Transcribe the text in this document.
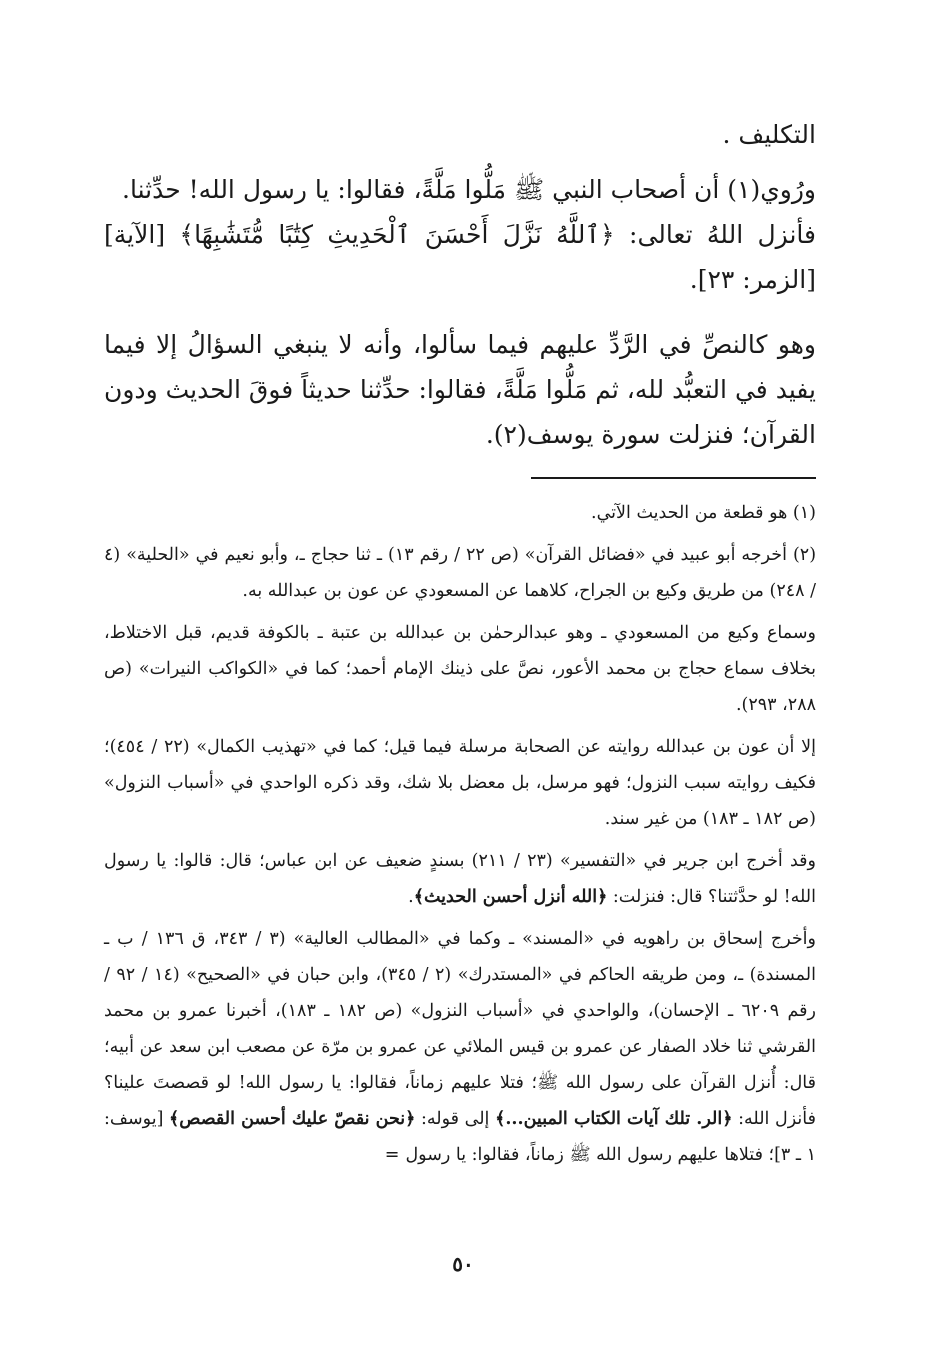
التكليف .

ورُوي(١) أن أصحاب النبي ﷺ مَلُّوا مَلَّةً، فقالوا: يا رسول الله! حدِّثنا.

فأنزل اللهُ تعالى: ﴿ٱللَّهُ نَزَّلَ أَحْسَنَ ٱلْحَدِيثِ كِتَٰبًا مُّتَشَٰبِهًا﴾ [الآية] [الزمر: ٢٣].

وهو كالنصِّ في الرَّدِّ عليهم فيما سألوا، وأنه لا ينبغي السؤالُ إلا فيما يفيد في التعبُّد لله، ثم مَلُّوا مَلَّةً، فقالوا: حدِّثنا حديثاً فوقَ الحديث ودون القرآن؛ فنزلت سورة يوسف(٢).

(١) هو قطعة من الحديث الآتي.

(٢) أخرجه أبو عبيد في «فضائل القرآن» (ص ٢٢ / رقم ١٣) ـ ثنا حجاج ـ، وأبو نعيم في «الحلية» (٤ / ٢٤٨) من طريق وكيع بن الجراح، كلاهما عن المسعودي عن عون بن عبدالله به.

وسماع وكيع من المسعودي ـ وهو عبدالرحمٰن بن عبدالله بن عتبة ـ بالكوفة قديم، قبل الاختلاط، بخلاف سماع حجاج بن محمد الأعور، نصَّ على ذينك الإمام أحمد؛ كما في «الكواكب النيرات» (ص ٢٨٨، ٢٩٣).

إلا أن عون بن عبدالله روايته عن الصحابة مرسلة فيما قيل؛ كما في «تهذيب الكمال» (٢٢ / ٤٥٤)؛ فكيف روايته سبب النزول؛ فهو مرسل، بل معضل بلا شك، وقد ذكره الواحدي في «أسباب النزول» (ص ١٨٢ ـ ١٨٣) من غير سند.

وقد أخرج ابن جرير في «التفسير» (٢٣ / ٢١١) بسندٍ ضعيف عن ابن عباس؛ قال: قالوا: يا رسول الله! لو حدَّثتنا؟ قال: فنزلت: ﴿الله أنزل أحسن الحديث﴾.

وأخرج إسحاق بن راهويه في «المسند» ـ وكما في «المطالب العالية» (٣ / ٣٤٣، ق ١٣٦ / ب ـ المسندة) ـ، ومن طريقه الحاكم في «المستدرك» (٢ / ٣٤٥)، وابن حبان في «الصحيح» (١٤ / ٩٢ / رقم ٦٢٠٩ ـ الإحسان)، والواحدي في «أسباب النزول» (ص ١٨٢ ـ ١٨٣)، أخبرنا عمرو بن محمد القرشي ثنا خلاد الصفار عن عمرو بن قيس الملائي عن عمرو بن مرّة عن مصعب ابن سعد عن أبيه؛ قال: أُنزل القرآن على رسول الله ﷺ؛ فتلا عليهم زماناً، فقالوا: يا رسول الله! لو قصصتَ علينا؟ فأنزل الله: ﴿الر. تلك آيات الكتاب المبين...﴾ إلى قوله: ﴿نحن نقصّ عليك أحسن القصص﴾ [يوسف: ١ ـ ٣]؛ فتلاها عليهم رسول الله ﷺ زماناً، فقالوا: يا رسول=

٥٠
